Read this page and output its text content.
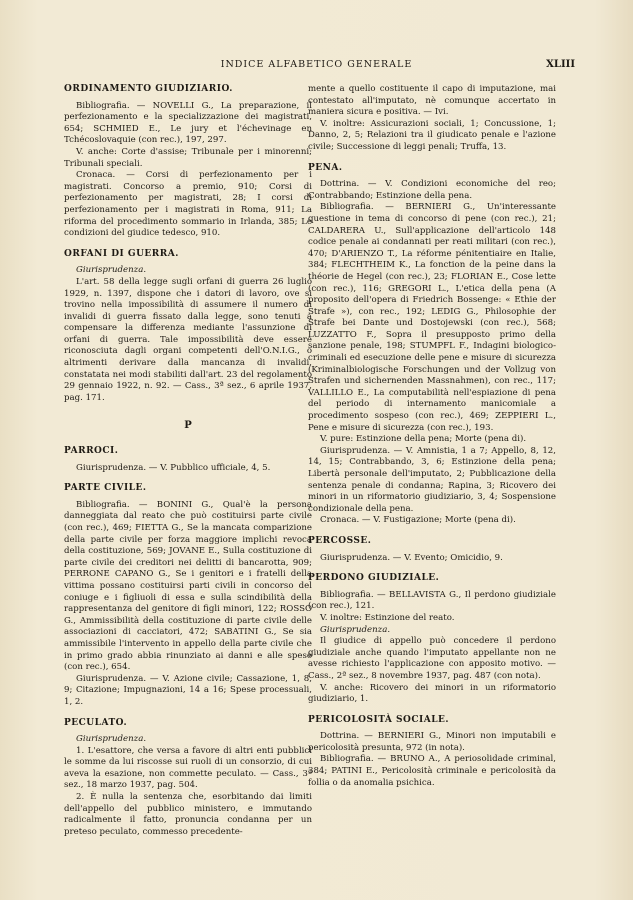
INDICE ALFABETICO GENERALE	XLIII

ORDINAMENTO GIUDIZIARIO.

Bibliografia. — NOVELLI G., La preparazione, il perfezionamento e la specializzazione dei magistrati, 654; SCHMIED E., Le jury et l'échevinage en Tchécoslovaquie (con rec.), 197, 297.

V. anche: Corte d'assise; Tribunale per i minorenni; Tribunali speciali.

Cronaca. — Corsi di perfezionamento per i magistrati. Concorso a premio, 910; Corsi di perfezionamento per magistrati, 28; I corsi di perfezionamento per i magistrati in Roma, 911; La riforma del procedimento sommario in Irlanda, 385; Le condizioni del giudice tedesco, 910.

ORFANI DI GUERRA.

Giurisprudenza.

L'art. 58 della legge sugli orfani di guerra 26 luglio 1929, n. 1397, dispone che i datori di lavoro, ove si trovino nella impossibilità di assumere il numero di invalidi di guerra fissato dalla legge, sono tenuti a compensare la differenza mediante l'assunzione di orfani di guerra. Tale impossibilità deve essere riconosciuta dagli organi competenti dell'O.N.I.G., o altrimenti derivare dalla mancanza di invalidi, constatata nei modi stabiliti dall'art. 23 del regolamento 29 gennaio 1922, n. 92. — Cass., 3ª sez., 6 aprile 1937, pag. 171.

P

PARROCI.

Giurisprudenza. — V. Pubblico ufficiale, 4, 5.

PARTE CIVILE.

Bibliografia. — BONINI G., Qual'è la persona danneggiata dal reato che può costituirsi parte civile (con rec.), 469; FIETTA G., Se la mancata comparizione della parte civile per forza maggiore implichi revoca della costituzione, 569; JOVANE E., Sulla costituzione di parte civile dei creditori nei delitti di bancarotta, 909; PERRONE CAPANO G., Se i genitori e i fratelli della vittima possano costituirsi parti civili in concorso del coniuge e i figliuoli di essa e sulla scindibilità della rappresentanza del genitore di figli minori, 122; ROSSO G., Ammissibilità della costituzione di parte civile delle associazioni di cacciatori, 472; SABATINI G., Se sia ammissibile l'intervento in appello della parte civile che in primo grado abbia rinunziato ai danni e alle spese (con rec.), 654.

Giurisprudenza. — V. Azione civile; Cassazione, 1, 8, 9; Citazione; Impugnazioni, 14 a 16; Spese processuali, 1, 2.

PECULATO.

Giurisprudenza.

1. L'esattore, che versa a favore di altri enti pubblici le somme da lui riscosse sui ruoli di un consorzio, di cui aveva la esazione, non commette peculato. — Cass., 3ª sez., 18 marzo 1937, pag. 504.

2. È nulla la sentenza che, esorbitando dai limiti dell'appello del pubblico ministero, e immutando radicalmente il fatto, pronuncia condanna per un preteso peculato, commesso precedente-

mente a quello costituente il capo di imputazione, mai contestato all'imputato, nè comunque accertato in maniera sicura e positiva. — Ivi.

V. inoltre: Assicurazioni sociali, 1; Concussione, 1; Danno, 2, 5; Relazioni tra il giudicato penale e l'azione civile; Successione di leggi penali; Truffa, 13.

PENA.

Dottrina. — V. Condizioni economiche del reo; Contrabbando; Estinzione della pena.

Bibliografia. — BERNIERI G., Un'interessante questione in tema di concorso di pene (con rec.), 21; CALDARERA U., Sull'applicazione dell'articolo 148 codice penale ai condannati per reati militari (con rec.), 470; D'ARIENZO T., La réforme pénitentiaire en Italie, 384; FLECHTHEIM K., La fonction de la peine dans la théorie de Hegel (con rec.), 23; FLORIAN E., Cose lette (con rec.), 116; GREGORI L., L'etica della pena (A proposito dell'opera di Friedrich Bossenge: « Ethie der Strafe »), con rec., 192; LEDIG G., Philosophie der Strafe bei Dante und Dostojewski (con rec.), 568; LUZZATTO F., Sopra il presupposto primo della sanzione penale, 198; STUMPFL F., Indagini biologico-criminali ed esecuzione delle pene e misure di sicurezza (Kriminalbiologische Forschungen und der Vollzug von Strafen und sichernenden Massnahmen), con rec., 117; VALLILLO E., La computabilità nell'espiazione di pena del periodo di internamento manicomiale a procedimento sospeso (con rec.), 469; ZEPPIERI L., Pene e misure di sicurezza (con rec.), 193.

V. pure: Estinzione della pena; Morte (pena di).

Giurisprudenza. — V. Amnistia, 1 a 7; Appello, 8, 12, 14, 15; Contrabbando, 3, 6; Estinzione della pena; Libertà personale dell'imputato, 2; Pubblicazione della sentenza penale di condanna; Rapina, 3; Ricovero dei minori in un riformatorio giudiziario, 3, 4; Sospensione condizionale della pena.

Cronaca. — V. Fustigazione; Morte (pena di).

PERCOSSE.

Giurisprudenza. — V. Evento; Omicidio, 9.

PERDONO GIUDIZIALE.

Bibliografia. — BELLAVISTA G., Il perdono giudiziale (con rec.), 121.

V. inoltre: Estinzione del reato.

Giurisprudenza.

Il giudice di appello può concedere il perdono giudiziale anche quando l'imputato appellante non ne avesse richiesto l'applicazione con apposito motivo. — Cass., 2ª sez., 8 novembre 1937, pag. 487 (con nota).

V. anche: Ricovero dei minori in un riformatorio giudiziario, 1.

PERICOLOSITÀ SOCIALE.

Dottrina. — BERNIERI G., Minori non imputabili e pericolosità presunta, 972 (in nota).

Bibliografia. — BRUNO A., A periosolidade criminal, 384; PATINI E., Pericolosità criminale e pericolosità da follia o da anomalia psichica.
